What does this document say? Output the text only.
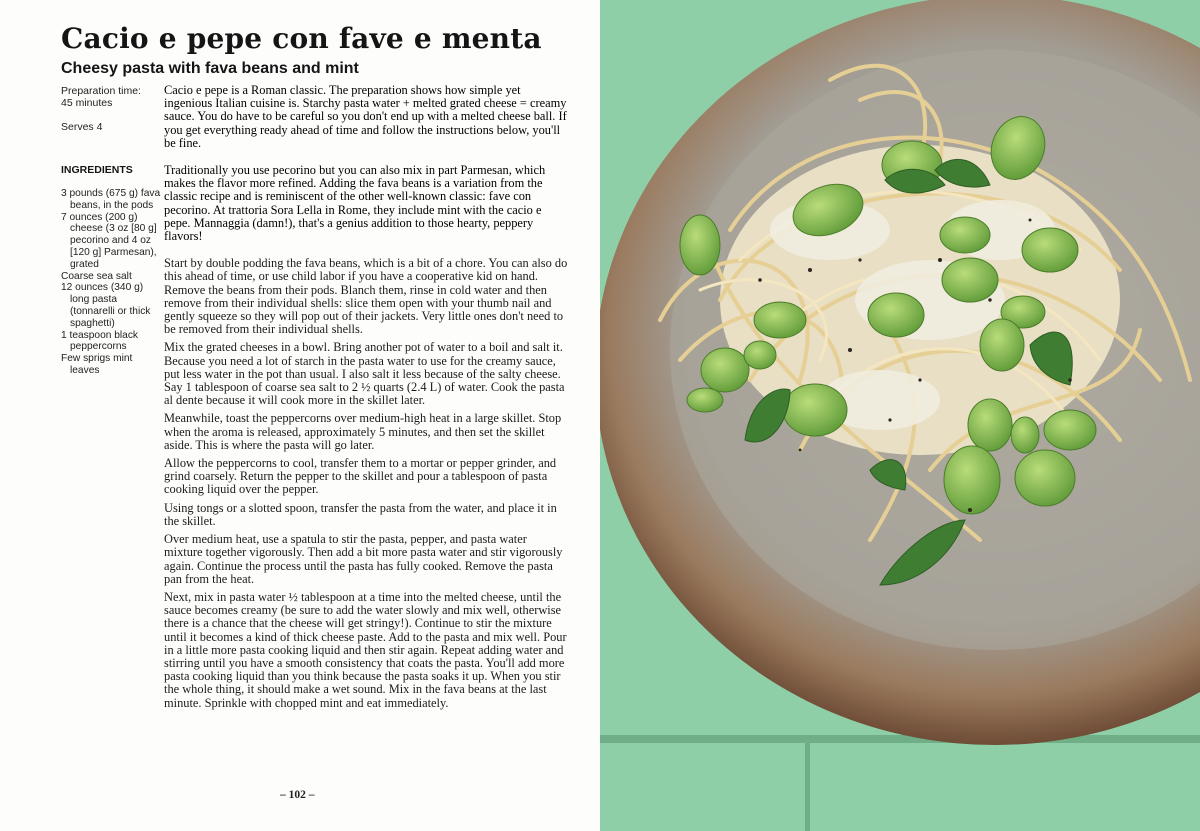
Cacio e pepe con fave e menta
Cheesy pasta with fava beans and mint

Preparation time:

45 minutes

Serves 4

INGREDIENTS
3 pounds (675 g) fava beans, in the pods
7 ounces (200 g) cheese (3 oz [80 g] pecorino and 4 oz [120 g] Parmesan), grated
Coarse sea salt
12 ounces (340 g) long pasta (tonnarelli or thick spaghetti)
1 teaspoon black peppercorns
Few sprigs mint leaves

Cacio e pepe is a Roman classic. The preparation shows how simple yet ingenious Italian cuisine is. Starchy pasta water + melted grated cheese = creamy sauce. You do have to be careful so you don't end up with a melted cheese ball. If you get everything ready ahead of time and follow the instructions below, you'll be fine.

Traditionally you use pecorino but you can also mix in part Parmesan, which makes the flavor more refined. Adding the fava beans is a variation from the classic recipe and is reminiscent of the other well-known classic: fave con pecorino. At trattoria Sora Lella in Rome, they include mint with the cacio e pepe. Mannaggia (damn!), that's a genius addition to those hearty, peppery flavors!

Start by double podding the fava beans, which is a bit of a chore. You can also do this ahead of time, or use child labor if you have a cooperative kid on hand. Remove the beans from their pods. Blanch them, rinse in cold water and then remove from their individual shells: slice them open with your thumb nail and gently squeeze so they will pop out of their jackets. Very little ones don't need to be removed from their individual shells.

Mix the grated cheeses in a bowl. Bring another pot of water to a boil and salt it. Because you need a lot of starch in the pasta water to use for the creamy sauce, put less water in the pot than usual. I also salt it less because of the salty cheese. Say 1 tablespoon of coarse sea salt to 2 ½ quarts (2.4 L) of water. Cook the pasta al dente because it will cook more in the skillet later.

Meanwhile, toast the peppercorns over medium-high heat in a large skillet. Stop when the aroma is released, approximately 5 minutes, and then set the skillet aside. This is where the pasta will go later.

Allow the peppercorns to cool, transfer them to a mortar or pepper grinder, and grind coarsely. Return the pepper to the skillet and pour a tablespoon of pasta cooking liquid over the pepper.

Using tongs or a slotted spoon, transfer the pasta from the water, and place it in the skillet.

Over medium heat, use a spatula to stir the pasta, pepper, and pasta water mixture together vigorously. Then add a bit more pasta water and stir vigorously again. Continue the process until the pasta has fully cooked. Remove the pasta pan from the heat.

Next, mix in pasta water ½ tablespoon at a time into the melted cheese, until the sauce becomes creamy (be sure to add the water slowly and mix well, otherwise there is a chance that the cheese will get stringy!). Continue to stir the mixture until it becomes a kind of thick cheese paste. Add to the pasta and mix well. Pour in a little more pasta cooking liquid and then stir again. Repeat adding water and stirring until you have a smooth consistency that coats the pasta. You'll add more pasta cooking liquid than you think because the pasta soaks it up. When you stir the whole thing, it should make a wet sound. Mix in the fava beans at the last minute. Sprinkle with chopped mint and eat immediately.

– 102 –
